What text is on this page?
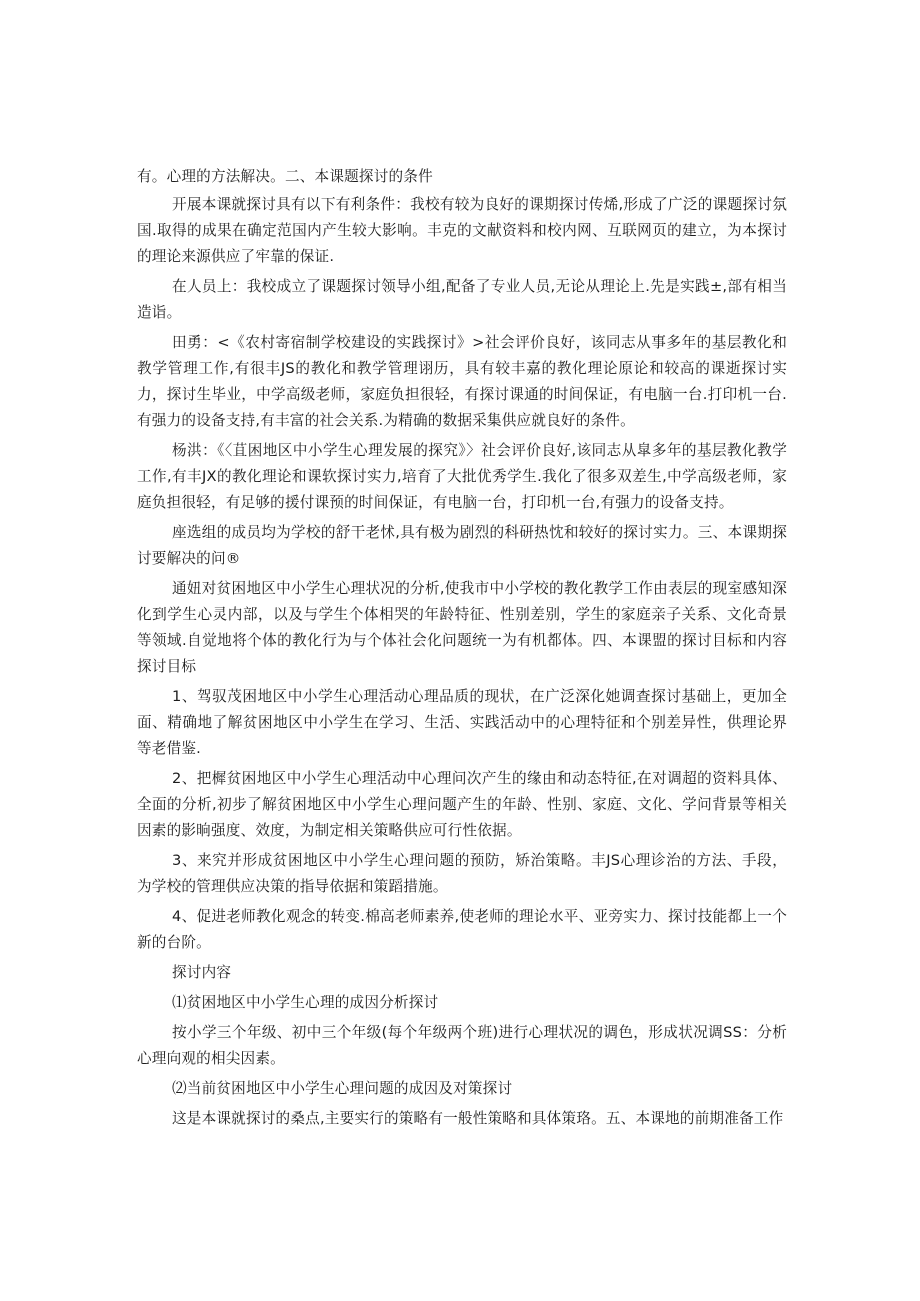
有。心理的方法解决。二、本课题探讨的条件

开展本课就探讨具有以下有利条件：我校有较为良好的课期探讨传烯,形成了广泛的课题探讨氛国.取得的成果在确定范国内产生较大影响。丰克的文献资料和校内网、互联网页的建立，为本探讨的理论来源供应了牢靠的保证.

在人员上：我校成立了课题探讨领导小组,配备了专业人员,无论从理论上.先是实践±,部有相当造诣。

田勇：<《农村寄宿制学校建设的实践探讨》>社会评价良好，该同志从事多年的基层教化和教学管理工作,有很丰JS的教化和教学管理诩历，具有较丰嘉的教化理论原论和较高的课逝探讨实力，探讨生毕业，中学高级老师，家庭负担很轻，有探讨课通的时间保证，有电脑一台.打印机一台.有强力的设备支持,有丰富的社会关系.为精确的数据采集供应就良好的条件。

杨洪：《〈苴困地区中小学生心理发展的探究》〉社会评价良好,该同志从皐多年的基层教化教学工作,有丰JX的教化理论和课软探讨实力,培育了大批优秀学生.我化了很多双差生,中学高级老师，家庭负担很轻，有足够的援付课预的时间保证，有电脑一台，打印机一台,有强力的设备支持。

座选组的成员均为学校的舒干老怵,具有极为剧烈的科研热忱和较好的探讨实力。三、本课期探讨要解决的问®

通妞对贫困地区中小学生心理状况的分析,使我市中小学校的教化教学工作由表层的现室感知深化到学生心灵内部，以及与学生个体相哭的年龄特征、性别差别，学生的家庭亲子关系、文化奇景等领域.自觉地将个体的教化行为与个体社会化问题统一为有机都体。四、本课盟的探讨目标和内容探讨目标

1、驾驭茂困地区中小学生心理活动心理品质的现状，在广泛深化她调查探讨基础上，更加全面、精确地了解贫困地区中小学生在学习、生活、实践活动中的心理特征和个别差异性，供理论界等老借鉴.

2、把樨贫困地区中小学生心理活动中心理问次产生的缘由和动态特征,在对调超的资料具体、全面的分析,初步了解贫困地区中小学生心理问题产生的年龄、性别、家庭、文化、学问背景等相关因素的影晌强度、效度，为制定相关策略供应可行性依据。

3、来究并形成贫困地区中小学生心理问题的预防，矫治策略。丰JS心理诊治的方法、手段，为学校的管理供应决策的指导依据和策蹈措施。

4、促进老师教化观念的转变.棉高老师素养,使老师的理论水平、亚旁实力、探讨技能都上一个新的台阶。

探讨内容

⑴贫困地区中小学生心理的成因分析探讨

按小学三个年级、初中三个年级(每个年级两个班)进行心理状况的调色，形成状况调SS：分析心理向观的相尖因素。

⑵当前贫困地区中小学生心理问题的成因及对策探讨

这是本课就探讨的桑点,主要实行的策略有一般性策略和具体策珞。五、本课地的前期准备工作
